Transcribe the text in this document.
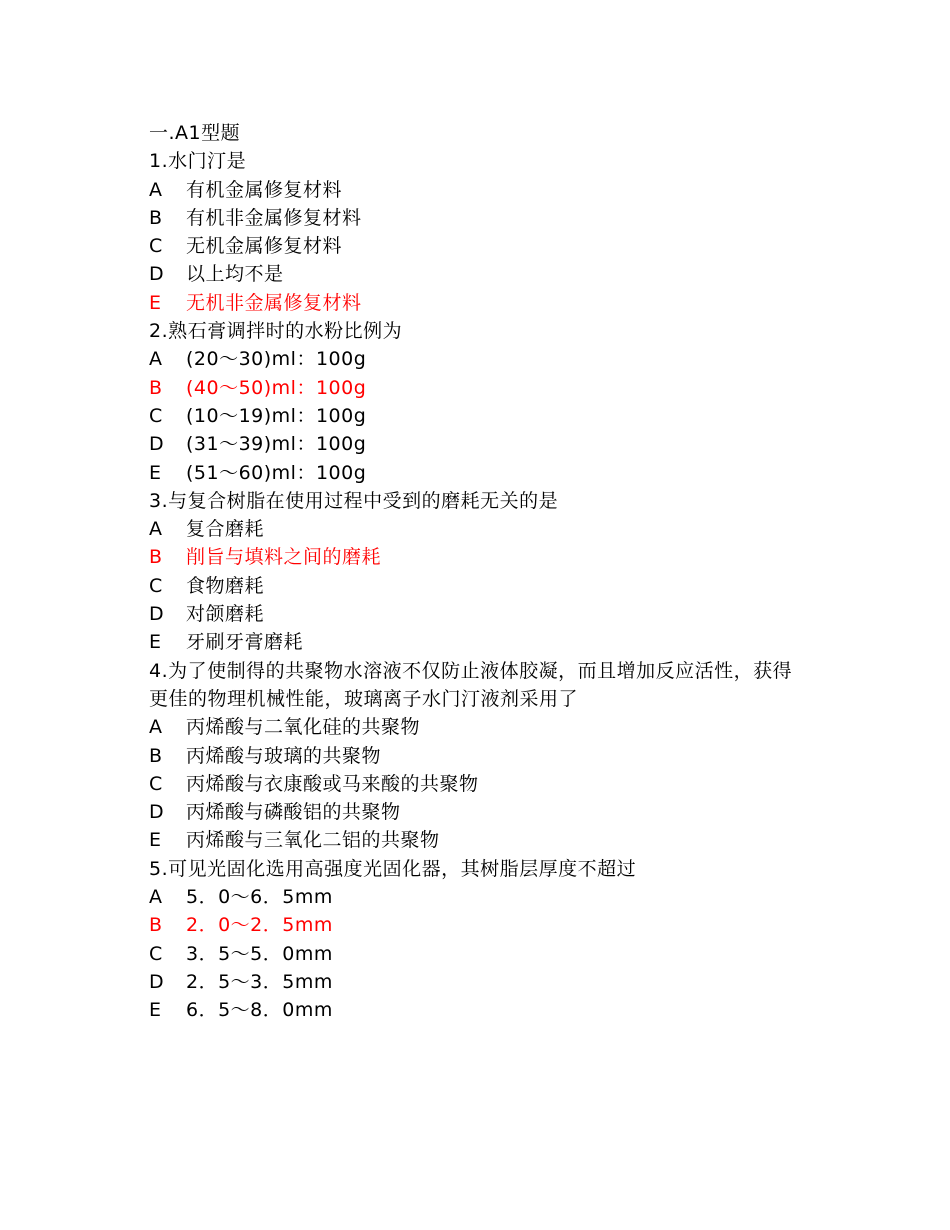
一.A1型题
1.水门汀是
A	有机金属修复材料
B	有机非金属修复材料
C	无机金属修复材料
D	以上均不是
E	无机非金属修复材料
2.熟石膏调拌时的水粉比例为
A	(20～30)ml：100g
B	(40～50)ml：100g
C	(10～19)ml：100g
D	(31～39)ml：100g
E	(51～60)ml：100g
3.与复合树脂在使用过程中受到的磨耗无关的是
A	复合磨耗
B	削旨与填料之间的磨耗
C	食物磨耗
D	对颌磨耗
E	牙刷牙膏磨耗
4.为了使制得的共聚物水溶液不仅防止液体胶凝，而且增加反应活性，获得更佳的物理机械性能，玻璃离子水门汀液剂采用了
A	丙烯酸与二氧化硅的共聚物
B	丙烯酸与玻璃的共聚物
C	丙烯酸与衣康酸或马来酸的共聚物
D	丙烯酸与磷酸铝的共聚物
E	丙烯酸与三氧化二铝的共聚物
5.可见光固化选用高强度光固化器，其树脂层厚度不超过
A	5．0～6．5mm
B	2．0～2．5mm
C	3．5～5．0mm
D	2．5～3．5mm
E	6．5～8．0mm
